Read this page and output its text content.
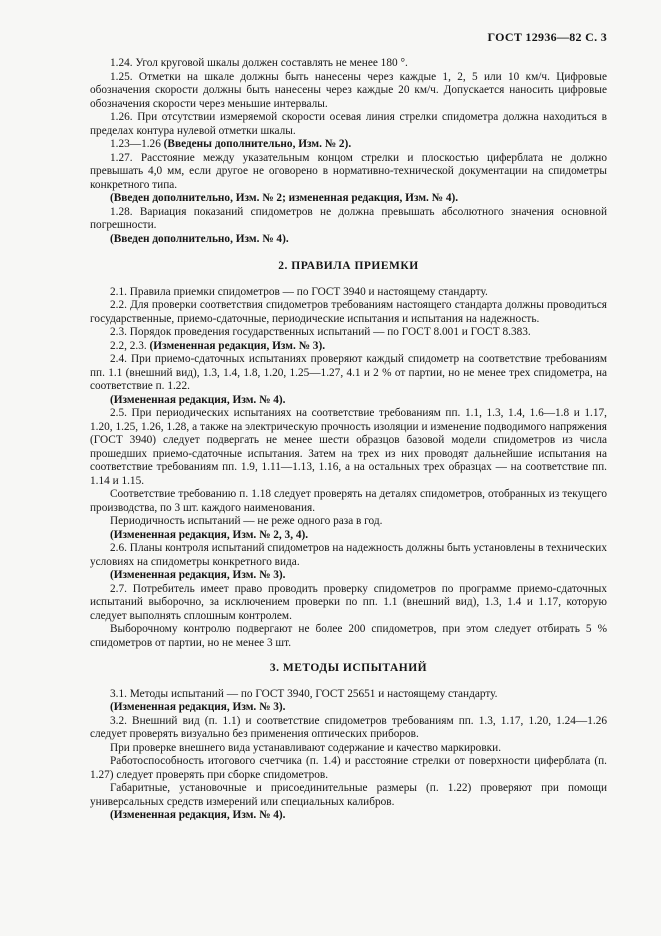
ГОСТ 12936—82 С. 3

1.24. Угол круговой шкалы должен составлять не менее 180 °.

1.25. Отметки на шкале должны быть нанесены через каждые 1, 2, 5 или 10 км/ч. Цифровые обозначения скорости должны быть нанесены через каждые 20 км/ч. Допускается наносить цифровые обозначения скорости через меньшие интервалы.

1.26. При отсутствии измеряемой скорости осевая линия стрелки спидометра должна находиться в пределах контура нулевой отметки шкалы.

1.23—1.26 (Введены дополнительно, Изм. № 2).

1.27. Расстояние между указательным концом стрелки и плоскостью циферблата не должно превышать 4,0 мм, если другое не оговорено в нормативно-технической документации на спидометры конкретного типа.

(Введен дополнительно, Изм. № 2; измененная редакция, Изм. № 4).

1.28. Вариация показаний спидометров не должна превышать абсолютного значения основной погрешности.

(Введен дополнительно, Изм. № 4).

2. ПРАВИЛА ПРИЕМКИ

2.1. Правила приемки спидометров — по ГОСТ 3940 и настоящему стандарту.

2.2. Для проверки соответствия спидометров требованиям настоящего стандарта должны проводиться государственные, приемо-сдаточные, периодические испытания и испытания на надежность.

2.3. Порядок проведения государственных испытаний — по ГОСТ 8.001 и ГОСТ 8.383.

2.2, 2.3. (Измененная редакция, Изм. № 3).

2.4. При приемо-сдаточных испытаниях проверяют каждый спидометр на соответствие требованиям пп. 1.1 (внешний вид), 1.3, 1.4, 1.8, 1.20, 1.25—1.27, 4.1 и 2 % от партии, но не менее трех спидометра, на соответствие п. 1.22.

(Измененная редакция, Изм. № 4).

2.5. При периодических испытаниях на соответствие требованиям пп. 1.1, 1.3, 1.4, 1.6—1.8 и 1.17, 1.20, 1.25, 1.26, 1.28, а также на электрическую прочность изоляции и изменение подводимого напряжения (ГОСТ 3940) следует подвергать не менее шести образцов базовой модели спидометров из числа прошедших приемо-сдаточные испытания. Затем на трех из них проводят дальнейшие испытания на соответствие требованиям пп. 1.9, 1.11—1.13, 1.16, а на остальных трех образцах — на соответствие пп. 1.14 и 1.15.

Соответствие требованию п. 1.18 следует проверять на деталях спидометров, отобранных из текущего производства, по 3 шт. каждого наименования.

Периодичность испытаний — не реже одного раза в год.

(Измененная редакция, Изм. № 2, 3, 4).

2.6. Планы контроля испытаний спидометров на надежность должны быть установлены в технических условиях на спидометры конкретного вида.

(Измененная редакция, Изм. № 3).

2.7. Потребитель имеет право проводить проверку спидометров по программе приемо-сдаточных испытаний выборочно, за исключением проверки по пп. 1.1 (внешний вид), 1.3, 1.4 и 1.17, которую следует выполнять сплошным контролем.

Выборочному контролю подвергают не более 200 спидометров, при этом следует отбирать 5 % спидометров от партии, но не менее 3 шт.

3. МЕТОДЫ ИСПЫТАНИЙ

3.1. Методы испытаний — по ГОСТ 3940, ГОСТ 25651 и настоящему стандарту.

(Измененная редакция, Изм. № 3).

3.2. Внешний вид (п. 1.1) и соответствие спидометров требованиям пп. 1.3, 1.17, 1.20, 1.24—1.26 следует проверять визуально без применения оптических приборов.

При проверке внешнего вида устанавливают содержание и качество маркировки.

Работоспособность итогового счетчика (п. 1.4) и расстояние стрелки от поверхности циферблата (п. 1.27) следует проверять при сборке спидометров.

Габаритные, установочные и присоединительные размеры (п. 1.22) проверяют при помощи универсальных средств измерений или специальных калибров.

(Измененная редакция, Изм. № 4).
